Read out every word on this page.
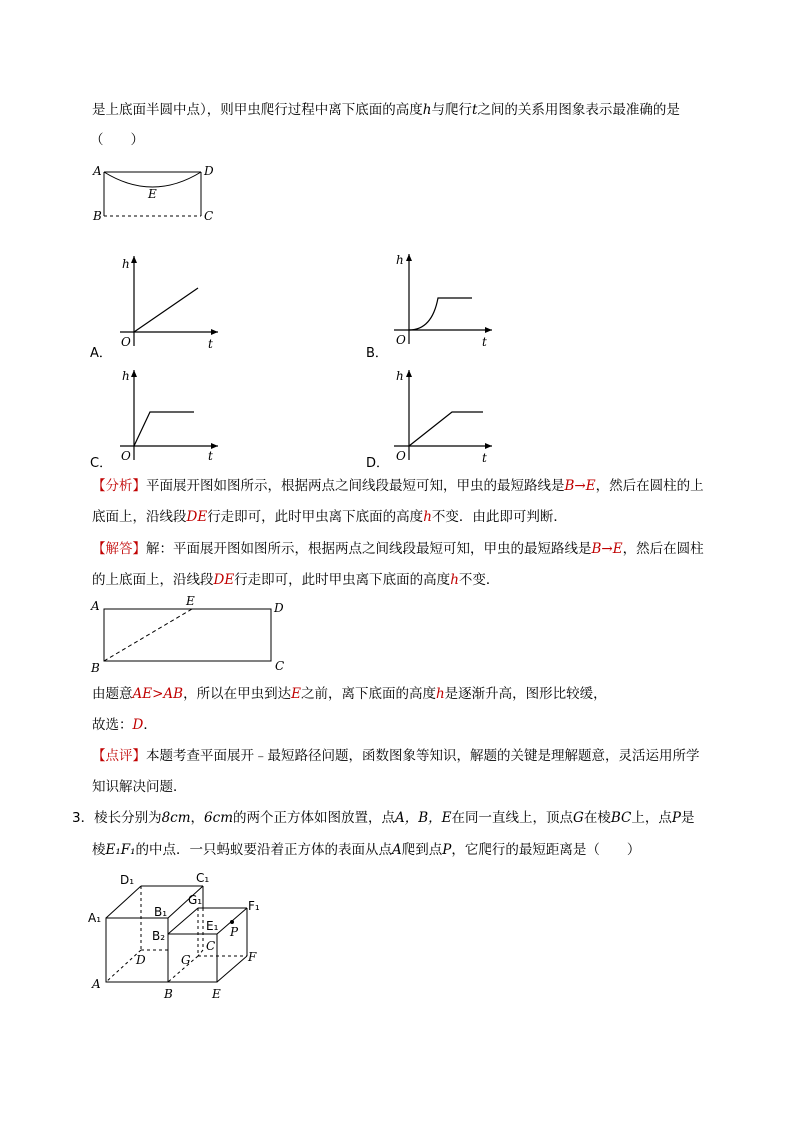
是上底面半圆中点），则甲虫爬行过程中离下底面的高度h与爬行t之间的关系用图象表示最准确的是
（　　）
A	D
E
B	C
A．
h
t
O
B．
h
t
O
C．
h
t
O	D．
h
t
O
【分析】平面展开图如图所示，根据两点之间线段最短可知，甲虫的最短路线是B→E，然后在圆柱的上
底面上，沿线段DE行走即可，此时甲虫离下底面的高度h不变．由此即可判断．
【解答】解：平面展开图如图所示，根据两点之间线段最短可知，甲虫的最短路线是B→E，然后在圆柱
的上底面上，沿线段DE行走即可，此时甲虫离下底面的高度h不变．
A	E	D
B	C
由题意AE>AB，所以在甲虫到达E之前，离下底面的高度h是逐渐升高，图形比较缓，
故选：D．
【点评】本题考查平面展开﹣最短路径问题，函数图象等知识，解题的关键是理解题意，灵活运用所学
知识解决问题．
3．棱长分别为8cm，6cm的两个正方体如图放置，点A，B，E在同一直线上，顶点G在棱BC上，点P是
棱E₁F₁的中点．一只蚂蚁要沿着正方体的表面从点A爬到点P，它爬行的最短距离是（　　）
D₁	C₁
A₁	B₁
G₁	F₁
E₁ P
B₂
C
D	G	F
A
B	E
